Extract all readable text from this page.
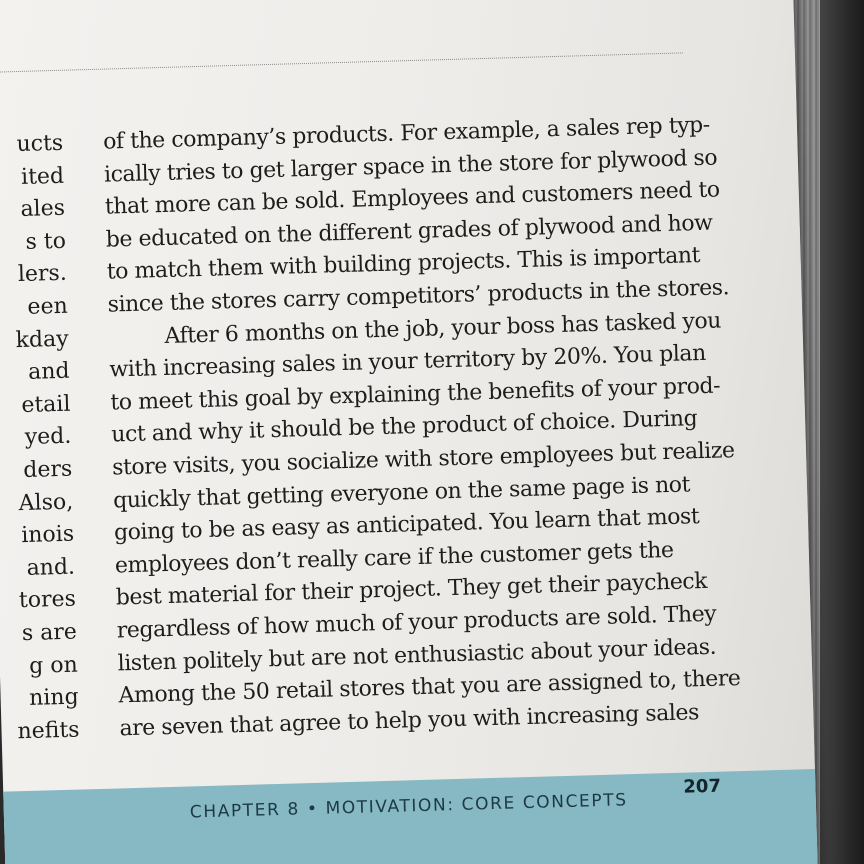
ucts
ited
ales
s to
lers.
een
kday
and
etail
yed.
ders
Also,
inois
and.
tores
s are
g on
ning
nefits
of the company’s products. For example, a sales rep typ-
ically tries to get larger space in the store for plywood so
that more can be sold. Employees and customers need to
be educated on the different grades of plywood and how
to match them with building projects. This is important
since the stores carry competitors’ products in the stores.
After 6 months on the job, your boss has tasked you
with increasing sales in your territory by 20%. You plan
to meet this goal by explaining the benefits of your prod-
uct and why it should be the product of choice. During
store visits, you socialize with store employees but realize
quickly that getting everyone on the same page is not
going to be as easy as anticipated. You learn that most
employees don’t really care if the customer gets the
best material for their project. They get their paycheck
regardless of how much of your products are sold. They
listen politely but are not enthusiastic about your ideas.
Among the 50 retail stores that you are assigned to, there
are seven that agree to help you with increasing sales
CHAPTER 8 • MOTIVATION: CORE CONCEPTS
207
